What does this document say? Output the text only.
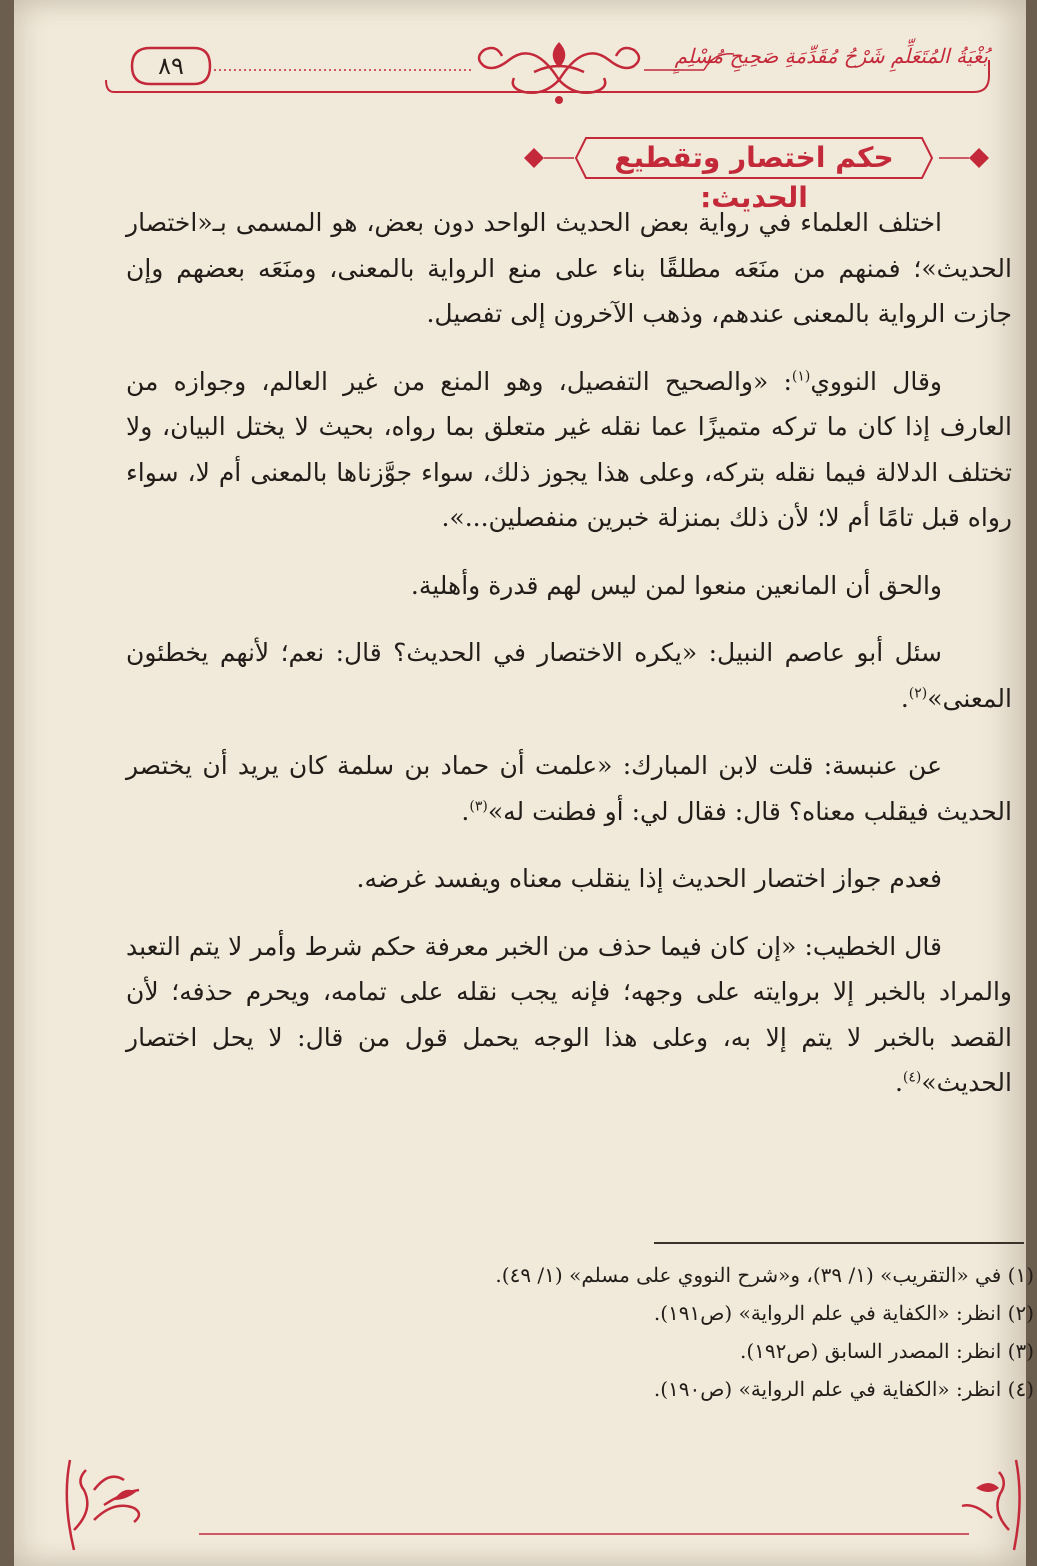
٨٩	بُغْيَةُ المُتَعَلِّمِ شَرْحُ مُقَدِّمَةِ صَحِيحِ مُسْلِمٍ
حكم اختصار وتقطيع الحديث:

اختلف العلماء في رواية بعض الحديث الواحد دون بعض، هو المسمى بـ«اختصار الحديث»؛ فمنهم من منَعَه مطلقًا بناء على منع الرواية بالمعنى، ومنَعَه بعضهم وإن جازت الرواية بالمعنى عندهم، وذهب الآخرون إلى تفصيل.

وقال النووي$^{(١)}$: «والصحيح التفصيل، وهو المنع من غير العالم، وجوازه من العارف إذا كان ما تركه متميزًا عما نقله غير متعلق بما رواه، بحيث لا يختل البيان، ولا تختلف الدلالة فيما نقله بتركه، وعلى هذا يجوز ذلك، سواء جوَّزناها بالمعنى أم لا، سواء رواه قبل تامًا أم لا؛ لأن ذلك بمنزلة خبرين منفصلين...».

والحق أن المانعين منعوا لمن ليس لهم قدرة وأهلية.

سئل أبو عاصم النبيل: «يكره الاختصار في الحديث؟ قال: نعم؛ لأنهم يخطئون المعنى»$^{(٢)}$.

عن عنبسة: قلت لابن المبارك: «علمت أن حماد بن سلمة كان يريد أن يختصر الحديث فيقلب معناه؟ قال: فقال لي: أو فطنت له»$^{(٣)}$.

فعدم جواز اختصار الحديث إذا ينقلب معناه ويفسد غرضه.

قال الخطيب: «إن كان فيما حذف من الخبر معرفة حكم شرط وأمر لا يتم التعبد والمراد بالخبر إلا بروايته على وجهه؛ فإنه يجب نقله على تمامه، ويحرم حذفه؛ لأن القصد بالخبر لا يتم إلا به، وعلى هذا الوجه يحمل قول من قال: لا يحل اختصار الحديث»$^{(٤)}$.

(١) في «التقريب» (١/ ٣٩)، و«شرح النووي على مسلم» (١/ ٤٩).
(٢) انظر: «الكفاية في علم الرواية» (ص١٩١).
(٣) انظر: المصدر السابق (ص١٩٢).
(٤) انظر: «الكفاية في علم الرواية» (ص١٩٠).
